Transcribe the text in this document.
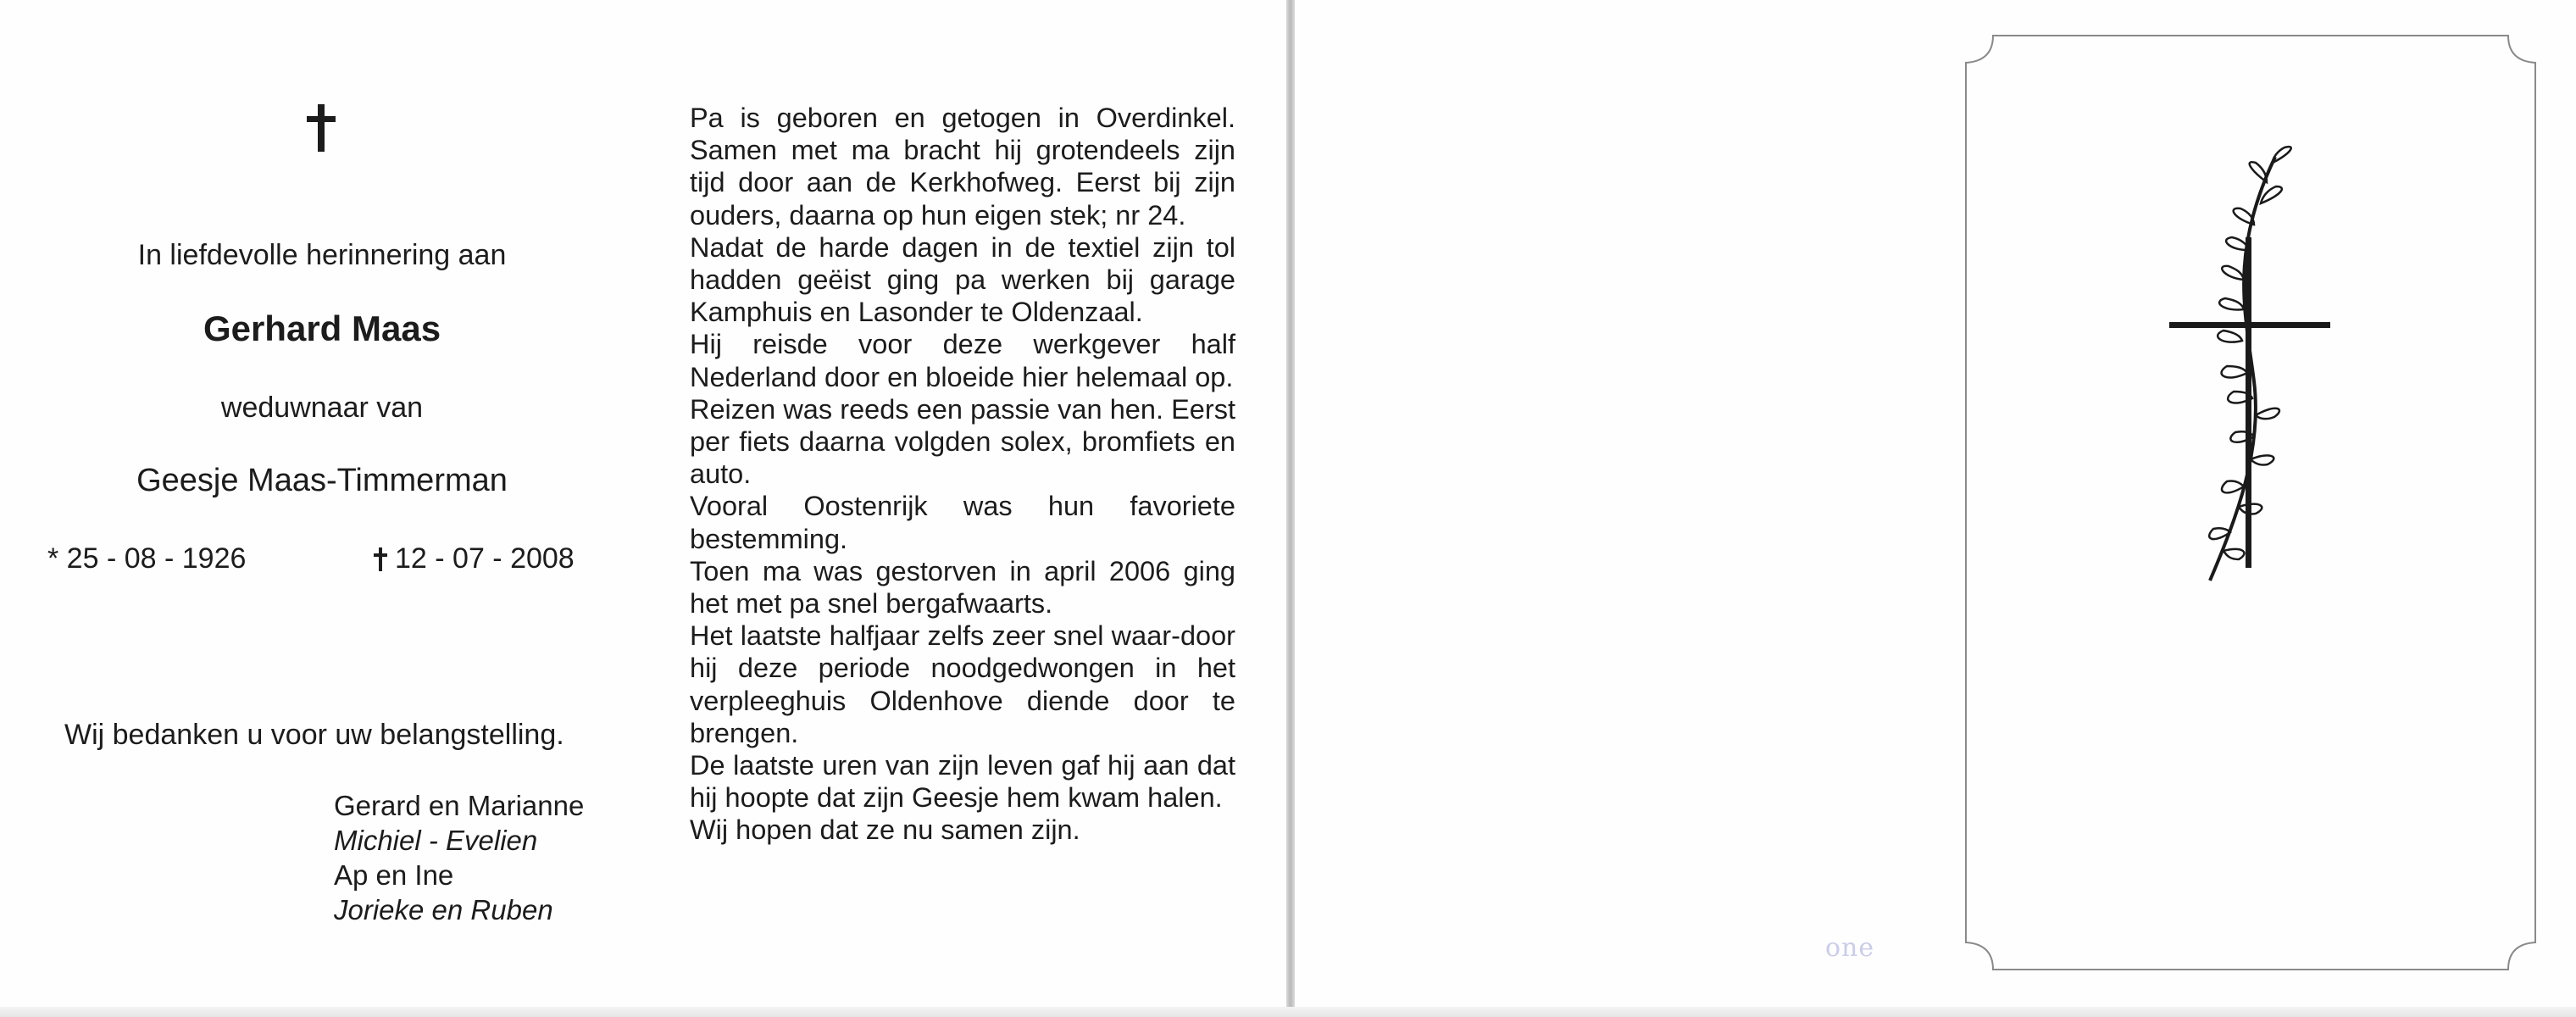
In liefdevolle herinnering aan
Gerhard Maas
weduwnaar van
Geesje Maas-Timmerman
* 25 - 08 - 1926	12 - 07 - 2008
Wij bedanken u voor uw belangstelling.
Gerard en Marianne
Michiel - Evelien
Ap en Ine
Jorieke en Ruben

Pa is geboren en getogen in Overdinkel. Samen met ma bracht hij grotendeels zijn tijd door aan de Kerkhofweg. Eerst bij zijn ouders, daarna op hun eigen stek; nr 24.

Nadat de harde dagen in de textiel zijn tol hadden geëist ging pa werken bij garage Kamphuis en Lasonder te Oldenzaal.

Hij reisde voor deze werkgever half Nederland door en bloeide hier helemaal op.

Reizen was reeds een passie van hen. Eerst per fiets daarna volgden solex, bromfiets en auto.

Vooral Oostenrijk was hun favoriete bestemming.

Toen ma was gestorven in april 2006 ging het met pa snel bergafwaarts.

Het laatste halfjaar zelfs zeer snel waar-door hij deze periode noodgedwongen in het verpleeghuis Oldenhove diende door te brengen.

De laatste uren van zijn leven gaf hij aan dat hij hoopte dat zijn Geesje hem kwam halen.

Wij hopen dat ze nu samen zijn.

one
